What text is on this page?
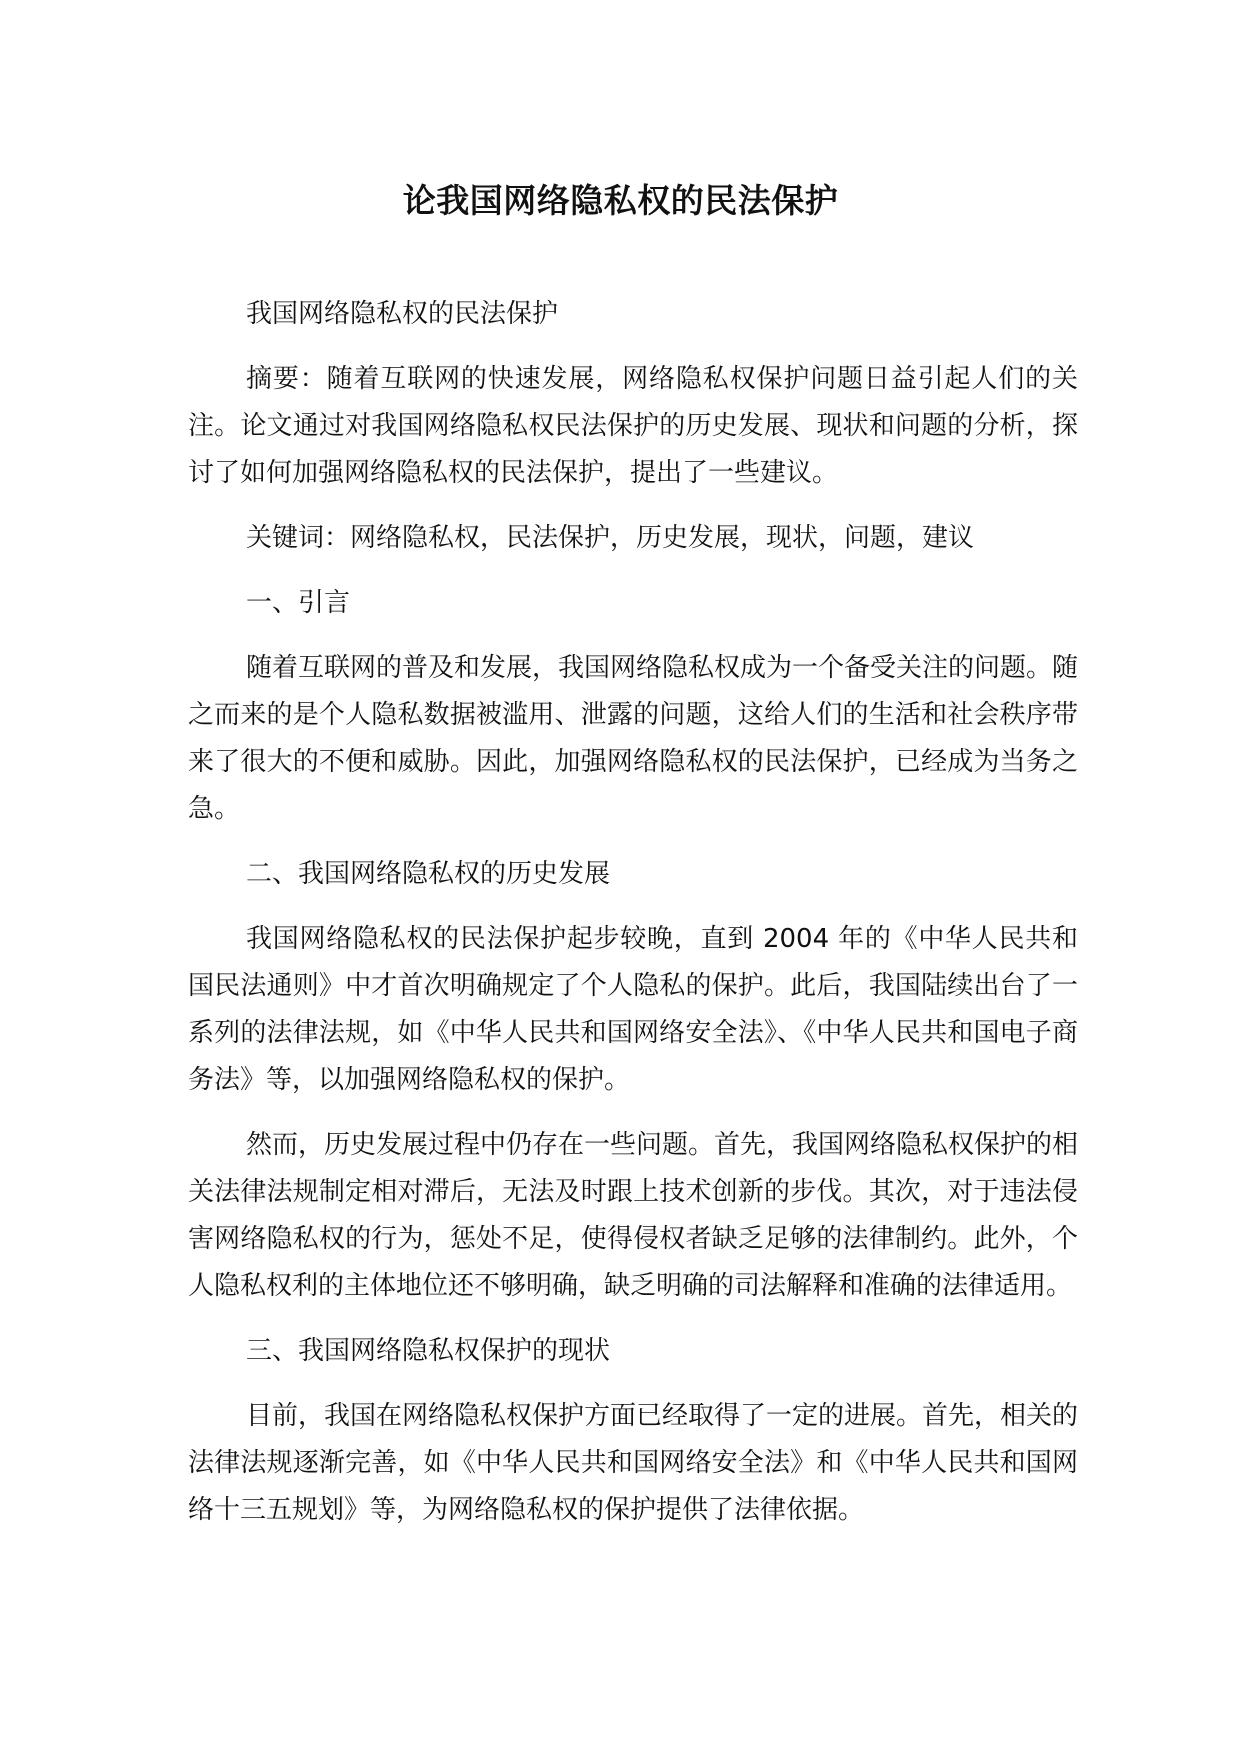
论我国网络隐私权的民法保护

我国网络隐私权的民法保护

摘要：随着互联网的快速发展，网络隐私权保护问题日益引起人们的关注。论文通过对我国网络隐私权民法保护的历史发展、现状和问题的分析，探讨了如何加强网络隐私权的民法保护，提出了一些建议。

关键词：网络隐私权，民法保护，历史发展，现状，问题，建议

一、引言

随着互联网的普及和发展，我国网络隐私权成为一个备受关注的问题。随之而来的是个人隐私数据被滥用、泄露的问题，这给人们的生活和社会秩序带来了很大的不便和威胁。因此，加强网络隐私权的民法保护，已经成为当务之急。

二、我国网络隐私权的历史发展

我国网络隐私权的民法保护起步较晚，直到 2004 年的《中华人民共和国民法通则》中才首次明确规定了个人隐私的保护。此后，我国陆续出台了一系列的法律法规，如《中华人民共和国网络安全法》、《中华人民共和国电子商务法》等，以加强网络隐私权的保护。

然而，历史发展过程中仍存在一些问题。首先，我国网络隐私权保护的相关法律法规制定相对滞后，无法及时跟上技术创新的步伐。其次，对于违法侵害网络隐私权的行为，惩处不足，使得侵权者缺乏足够的法律制约。此外，个人隐私权利的主体地位还不够明确，缺乏明确的司法解释和准确的法律适用。

三、我国网络隐私权保护的现状

目前，我国在网络隐私权保护方面已经取得了一定的进展。首先，相关的法律法规逐渐完善，如《中华人民共和国网络安全法》和《中华人民共和国网络十三五规划》等，为网络隐私权的保护提供了法律依据。
